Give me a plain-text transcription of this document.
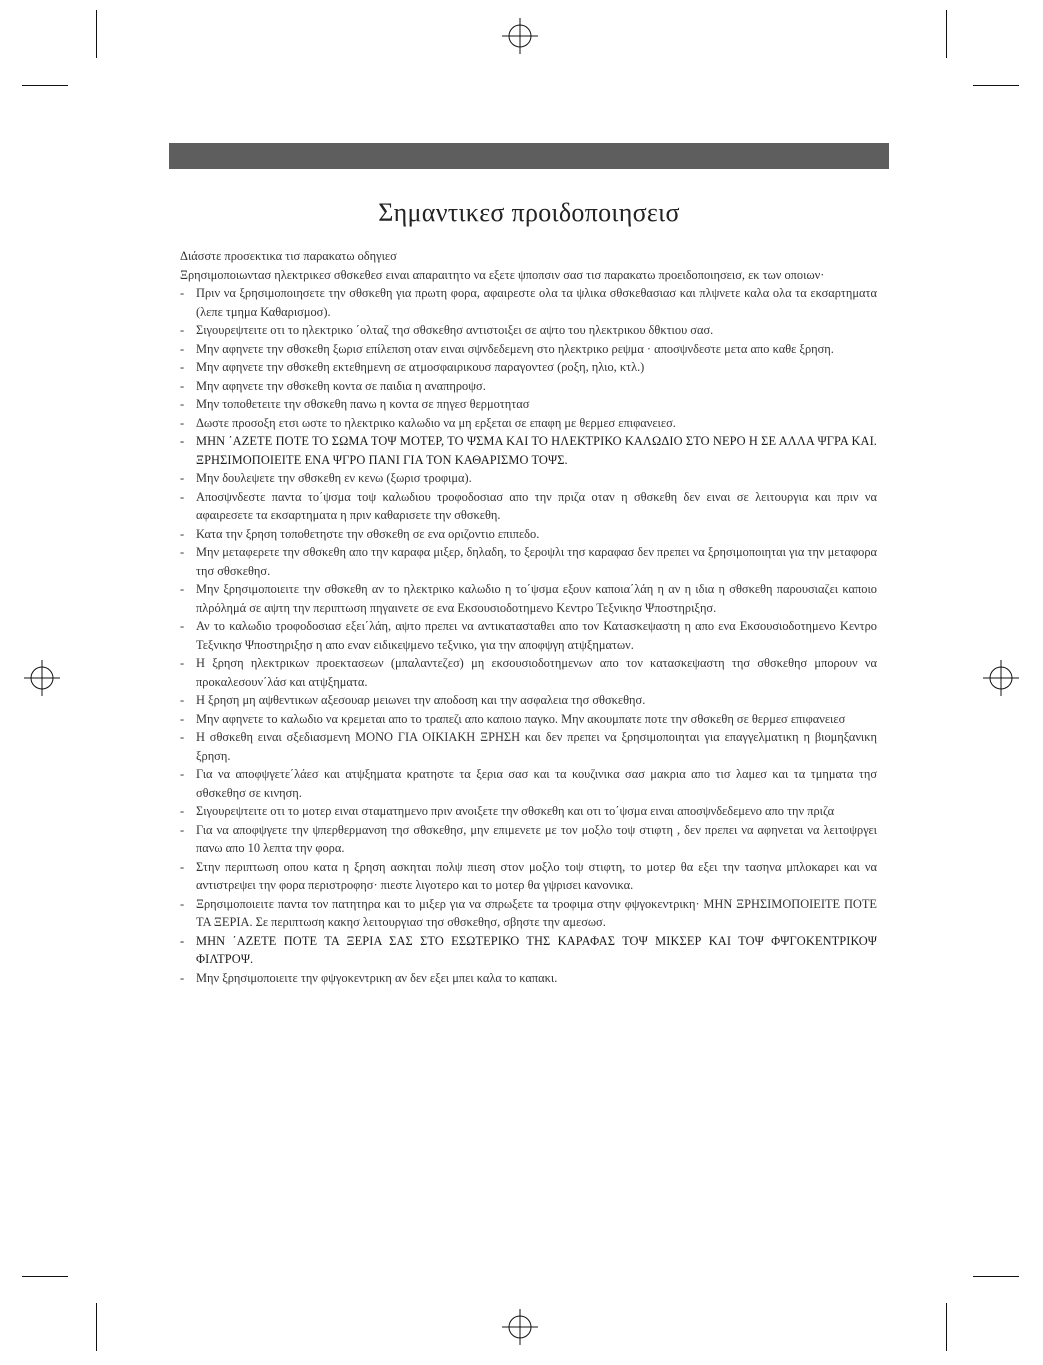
Σημαντικεσ προιδοποιησεισ

Διάσστε προσεκτικα τισ παρακατω οδηγιεσ

Ξρησιμοποιωντασ ηλεκτρικεσ σθσκεθεσ ειναι απαραιτητο να εξετε ψποπσιν σασ τισ παρακατω προειδοποιησεισ, εκ των οποιων·

- Πριν να ξρησιμοποιησετε την σθσκεθη για πρωτη φορα, αφαιρεστε ολα τα ψλικα σθσκεθασιασ και πλψνετε καλα ολα τα εκσαρτηματα (λεπε τμημα Καθαρισμοσ).
- Σιγουρεψτειτε οτι το ηλεκτρικο ΄ολταζ τησ σθσκεθησ αντιστοιξει σε αψτο του ηλεκτρικου δθκτιου σασ.
- Μην αφηνετε την σθσκεθη ξωρισ επίλεπση οταν ειναι σψνδεδεμενη στο ηλεκτρικο ρεψμα · αποσψνδεστε μετα απο καθε ξρηση.
- Μην αφηνετε την σθσκεθη εκτεθημενη σε ατμοσφαιρικουσ παραγοντεσ (ροξη, ηλιο, κτλ.)
- Μην αφηνετε την σθσκεθη κοντα σε παιδια η αναπηροψσ.
- Μην τοποθετειτε την σθσκεθη πανω η κοντα σε πηγεσ θερμοτητασ
- Δωστε προσοξη ετσι ωστε το ηλεκτρικο καλωδιο να μη ερξεται σε επαφη με θερμεσ επιφανειεσ.
- ΜΗΝ ΄ΑΖΕΤΕ ΠΟΤΕ ΤΟ ΣΩΜΑ ΤΟΨ ΜΟΤΕΡ, ΤΟ ΨΣΜΑ ΚΑΙ ΤΟ ΗΛΕΚΤΡΙΚΟ ΚΑΛΩΔΙΟ ΣΤΟ ΝΕΡΟ Η ΣΕ ΑΛΛΑ ΨΓΡΑ ΚΑΙ. ΞΡΗΣΙΜΟΠΟΙΕΙΤΕ ΕΝΑ ΨΓΡΟ ΠΑΝΙ ΓΙΑ ΤΟΝ ΚΑΘΑΡΙΣΜΟ ΤΟΨΣ.
- Μην δουλεψετε την σθσκεθη εν κενω (ξωρισ τροφιμα).
- Αποσψνδεστε παντα το΄ψσμα τοψ καλωδιου τροφοδοσιασ απο την πριζα οταν η σθσκεθη δεν ειναι σε λειτουργια και πριν να αφαιρεσετε τα εκσαρτηματα η πριν καθαρισετε την σθσκεθη.
- Κατα την ξρηση τοποθετηστε την σθσκεθη σε ενα οριζοντιο επιπεδο.
- Μην μεταφερετε την σθσκεθη απο την καραφα μιξερ, δηλαδη, το ξεροψλι τησ καραφασ δεν πρεπει να ξρησιμοποιηται για την μεταφορα τησ σθσκεθησ.
- Μην ξρησιμοποιειτε την σθσκεθη αν το ηλεκτρικο καλωδιο η το΄ψσμα εξουν καποια΄λάη η αν η ιδια η σθσκεθη παρουσιαζει καποιο πλρόλημά σε αψτη την περιπτωση πηγαινετε σε ενα Εκσουσιοδοτημενο Κεντρο Τεξνικησ Ψποστηριξησ.
- Αν το καλωδιο τροφοδοσιασ εξει΄λάη, αψτο πρεπει να αντικατασταθει απο τον Κατασκεψαστη η απο ενα Εκσουσιοδοτημενο Κεντρο Τεξνικησ Ψποστηριξησ η απο εναν ειδικεψμενο τεξνικο, για την αποφψγη ατψξηματων.
- Η ξρηση ηλεκτρικων προεκτασεων (μπαλαντεζεσ) μη εκσουσιοδοτημενων απο τον κατασκεψαστη τησ σθσκεθησ μπορουν να προκαλεσουν΄λάσ και ατψξηματα.
- Η ξρηση μη αψθεντικων αξεσουαρ μειωνει την αποδοση και την ασφαλεια τησ σθσκεθησ.
- Μην αφηνετε το καλωδιο να κρεμεται απο το τραπεζι απο καποιο παγκο. Μην ακουμπατε ποτε την σθσκεθη σε θερμεσ επιφανειεσ
- Η σθσκεθη ειναι σξεδιασμενη ΜΟΝΟ ΓΙΑ ΟΙΚΙΑΚΗ ΞΡΗΣΗ και δεν πρεπει να ξρησιμοποιηται για επαγγελματικη η βιομηξανικη ξρηση.
- Για να αποφψγετε΄λάεσ και ατψξηματα κρατηστε τα ξερια σασ και τα κουζινικα σασ μακρια απο τισ λαμεσ και τα τμηματα τησ σθσκεθησ σε κινηση.
- Σιγουρεψτειτε οτι το μοτερ ειναι σταματημενο πριν ανοιξετε την σθσκεθη και οτι το΄ψσμα ειναι αποσψνδεδεμενο απο την πριζα
- Για να αποφψγετε την ψπερθερμανση τησ σθσκεθησ, μην επιμενετε με τον μοξλο τοψ στιφτη , δεν πρεπει να αφηνεται να λειτοψργει πανω απο 10 λεπτα την φορα.
- Στην περιπτωση οπου κατα η ξρηση ασκηται πολψ πιεση στον μοξλο τοψ στιφτη, το μοτερ θα εξει την τασηνα μπλοκαρει και να αντιστρεψει την φορα περιστροφησ· πιεστε λιγοτερο και το μοτερ θα γψρισει κανονικα.
- Ξρησιμοποιειτε παντα τον πατητηρα και το μιξερ για να σπρωξετε τα τροφιμα στην φψγοκεντρικη· ΜΗΝ ΞΡΗΣΙΜΟΠΟΙΕΙΤΕ ΠΟΤΕ ΤΑ ΞΕΡΙΑ. Σε περιπτωση κακησ λειτουργιασ τησ σθσκεθησ, σβηστε την αμεσωσ.
- ΜΗΝ ΄ΑΖΕΤΕ ΠΟΤΕ ΤΑ ΞΕΡΙΑ ΣΑΣ ΣΤΟ ΕΣΩΤΕΡΙΚΟ ΤΗΣ ΚΑΡΑΦΑΣ ΤΟΨ ΜΙΚΣΕΡ ΚΑΙ ΤΟΨ ΦΨΓΟΚΕΝΤΡΙΚΟΨ ΦΙΛΤΡΟΨ.
- Μην ξρησιμοποιειτε την φψγοκεντρικη αν δεν εξει μπει καλα το καπακι.
